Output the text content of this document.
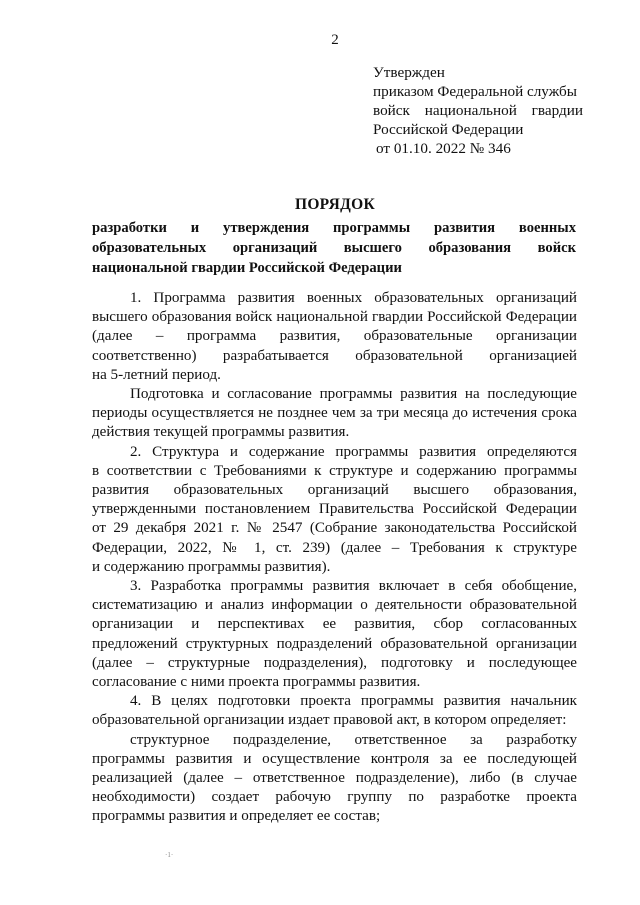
2
Утвержден
приказом Федеральной службы
войск национальной гвардии
Российской Федерации
от 01.10. 2022 № 346
ПОРЯДОК
разработки и утверждения программы развития военных
образовательных организаций высшего образования войск
национальной гвардии Российской Федерации
1. Программа развития военных образовательных организаций
высшего образования войск национальной гвардии Российской Федерации
(далее – программа развития, образовательные организации
соответственно) разрабатывается образовательной организацией
на 5-летний период.
Подготовка и согласование программы развития на последующие
периоды осуществляется не позднее чем за три месяца до истечения срока
действия текущей программы развития.
2. Структура и содержание программы развития определяются
в соответствии с Требованиями к структуре и содержанию программы
развития образовательных организаций высшего образования,
утвержденными постановлением Правительства Российской Федерации
от 29 декабря 2021 г. № 2547 (Собрание законодательства Российской
Федерации, 2022, № 1, ст. 239) (далее – Требования к структуре
и содержанию программы развития).
3. Разработка программы развития включает в себя обобщение,
систематизацию и анализ информации о деятельности образовательной
организации и перспективах ее развития, сбор согласованных
предложений структурных подразделений образовательной организации
(далее – структурные подразделения), подготовку и последующее
согласование с ними проекта программы развития.
4. В целях подготовки проекта программы развития начальник
образовательной организации издает правовой акт, в котором определяет:
структурное подразделение, ответственное за разработку
программы развития и осуществление контроля за ее последующей
реализацией (далее – ответственное подразделение), либо (в случае
необходимости) создает рабочую группу по разработке проекта
программы развития и определяет ее состав;
·1·
